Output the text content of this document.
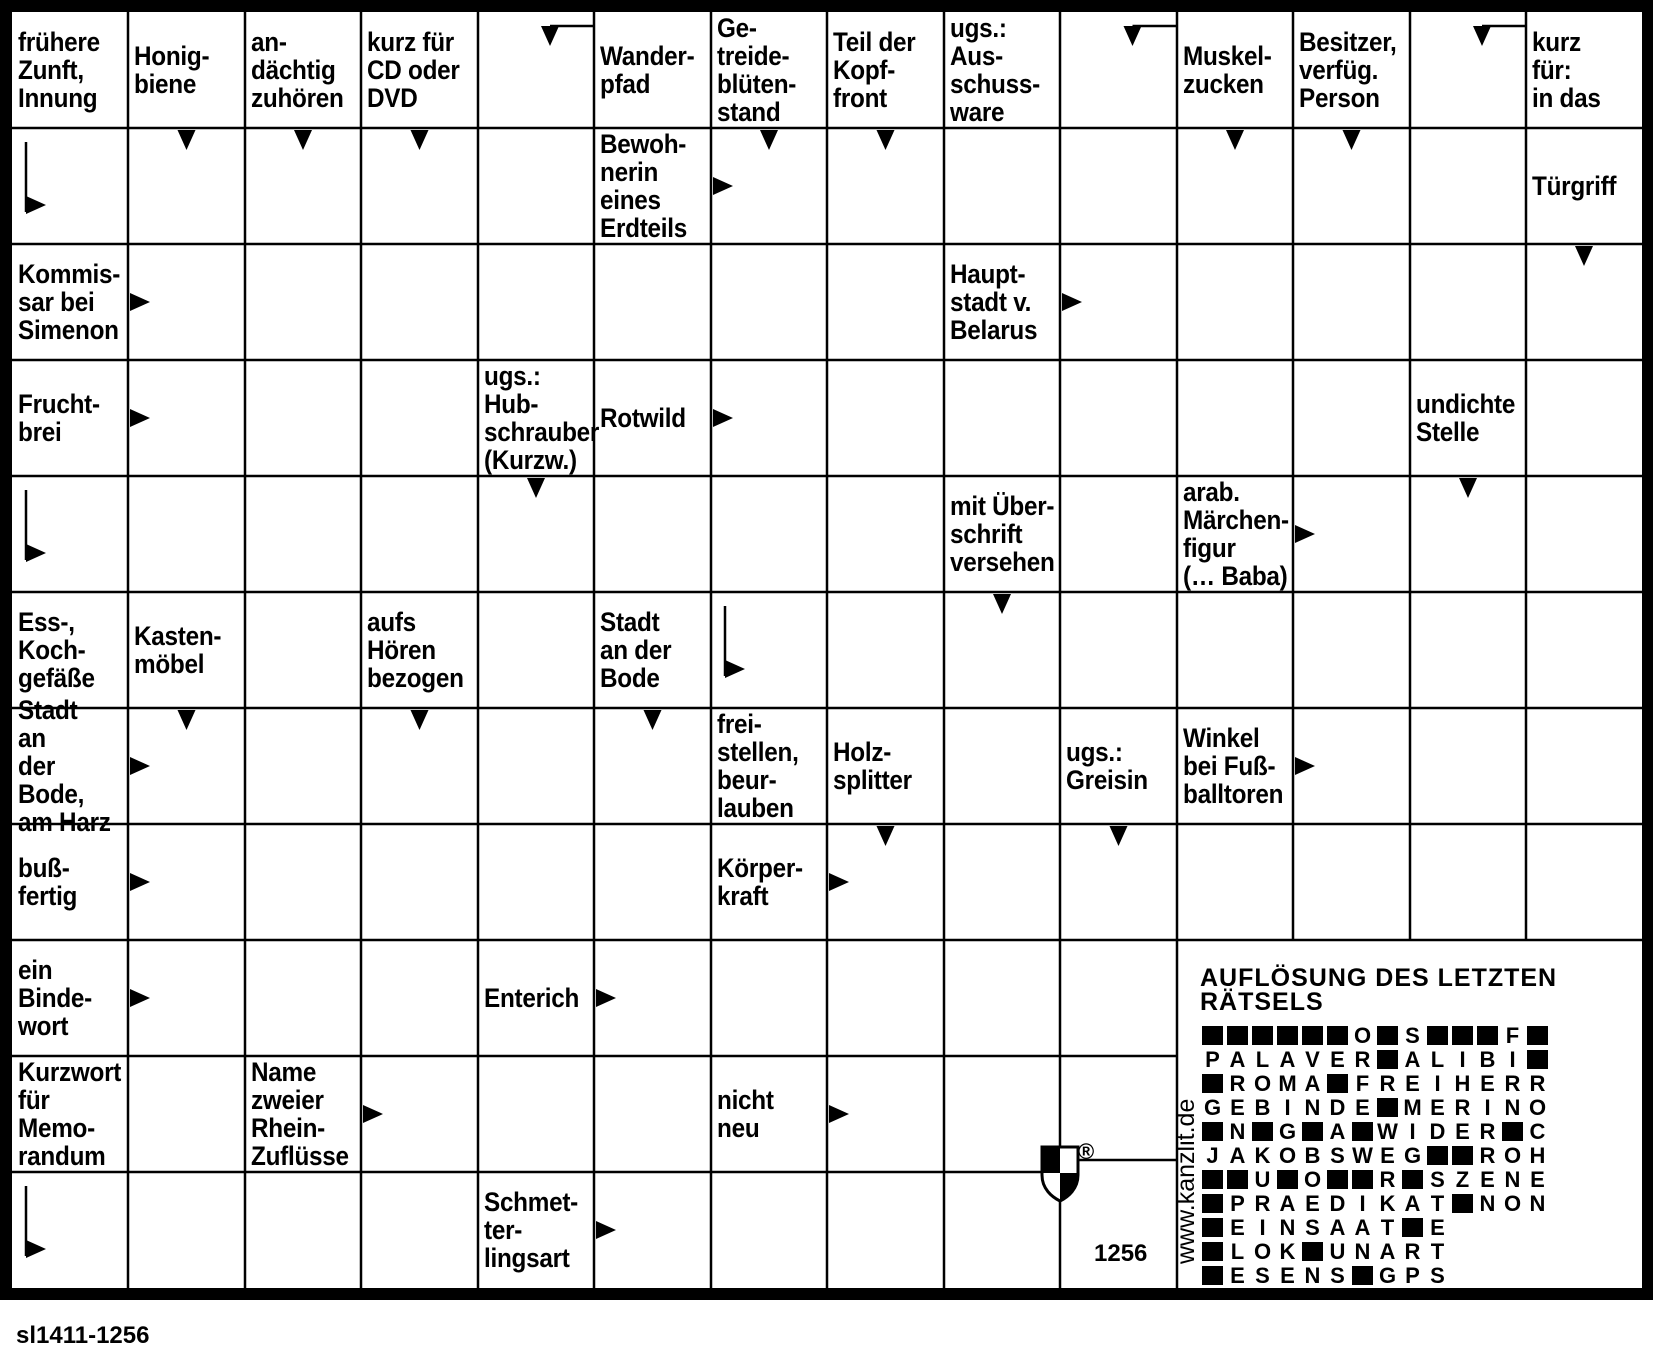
frühere
Zunft,
Innung
Honig-
biene
an-
dächtig
zuhören
kurz für
CD oder
DVD
Wander-
pfad
Ge-
treide-
blüten-
stand
Teil der
Kopf-
front
ugs.:
Aus-
schuss-
ware
Muskel-
zucken
Besitzer,
verfüg.
Person
kurz für:
in das
Bewoh-
nerin
eines
Erdteils
Türgriff
Kommis-
sar bei
Simenon
Haupt-
stadt v.
Belarus
Frucht-
brei
ugs.: Hub-
schrauber
(Kurzw.)
Rotwild	undichte
Stelle
mit Über-
schrift
versehen
arab.
Märchen-
figur
(… Baba)
Ess-,
Koch-
gefäße
Kasten-
möbel
aufs
Hören
bezogen
Stadt
an der
Bode
Stadt an
der Bode,
am Harz
frei-
stellen,
beur-
lauben
Holz-
splitter
ugs.:
Greisin
Winkel
bei Fuß-
balltoren
buß-
fertig
Körper-
kraft
ein
Binde-
wort
Enterich
Kurzwort
für
Memo-
randum
Name
zweier
Rhein-
Zuflüsse
nicht
neu
Schmet-
ter-
lingsart
AUFLÖSUNG DES LETZTEN
RÄTSELS
O S	F
P A L A V E R A L I B I
R O M A F R E I H E R R
G E B I N D E M E R I N O
N G A W I D E R C
J A K O B S W E G	R O H
U O	R S Z E N E
P R A E D I K A T N O N
E I N S A A T E
L O K U N A R T
E S E N S G P S
®	www.kanzlit.de
1256
sl1411-1256
